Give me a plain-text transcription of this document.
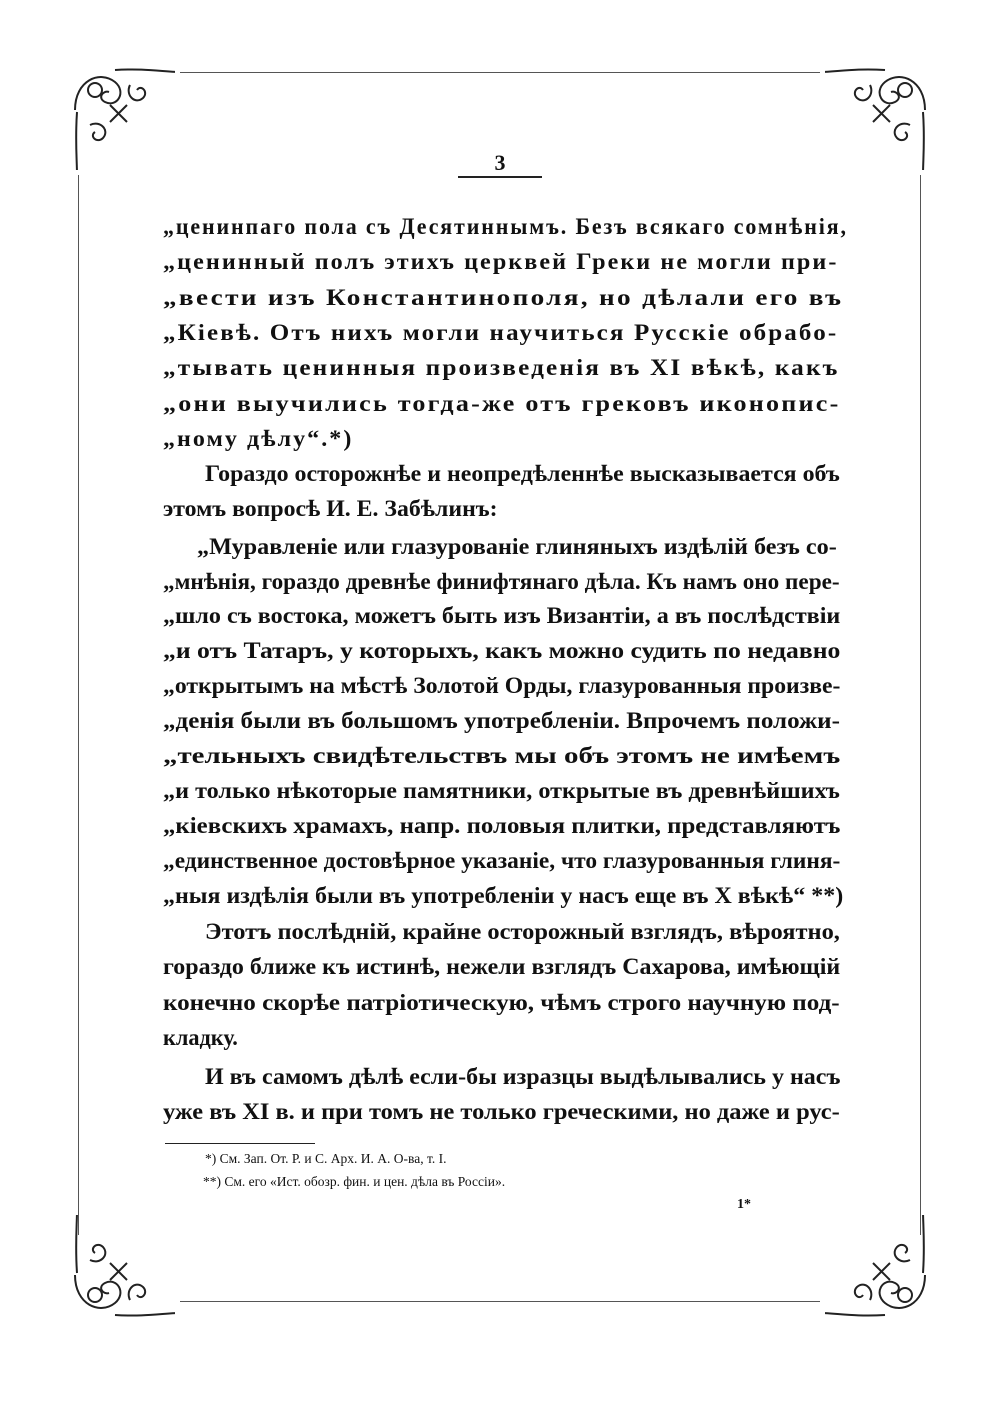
3
„ценинпаго пола съ Десятиннымъ. Безъ всякаго сомнѣнія,
„ценинный полъ этихъ церквей Греки не могли при-
„вести изъ Константинополя, но дѣлали его въ
„Кіевѣ. Отъ нихъ могли научиться Русскіе обрабо-
„тывать ценинныя произведенія въ XI вѣкѣ, какъ
„они выучились тогда-же отъ грековъ иконопис-
„ному дѣлу“.*)
Гораздо осторожнѣе и неопредѣленнѣе высказывается объ
этомъ вопросѣ И. Е. Забѣлинъ:
„Муравленіе или глазурованіе глиняныхъ издѣлій безъ со-
„мнѣнія, гораздо древнѣе финифтянаго дѣла. Къ намъ оно пере-
„шло съ востока, можетъ быть изъ Византіи, а въ послѣдствіи
„и отъ Татаръ, у которыхъ, какъ можно судить по недавно
„открытымъ на мѣстѣ Золотой Орды, глазурованныя произве-
„денія были въ большомъ употребленіи. Впрочемъ положи-
„тельныхъ свидѣтельствъ мы объ этомъ не имѣемъ
„и только нѣкоторые памятники, открытые въ древнѣйшихъ
„кіевскихъ храмахъ, напр. половыя плитки, представляютъ
„единственное достовѣрное указаніе, что глазурованныя глиня-
„ныя издѣлія были въ употребленіи у насъ еще въ X вѣкѣ“ **)
Этотъ послѣдній, крайне осторожный взглядъ, вѣроятно,
гораздо ближе къ истинѣ, нежели взглядъ Сахарова, имѣющій
конечно скорѣе патріотическую, чѣмъ строго научную под-
кладку.
И въ самомъ дѣлѣ если-бы изразцы выдѣлывались у насъ
уже въ XI в. и при томъ не только греческими, но даже и рус-
*) См. Зап. От. Р. и С. Арх. И. А. О-ва, т. I.
**) См. его «Ист. обозр. фин. и цен. дѣла въ Россіи».
1*
